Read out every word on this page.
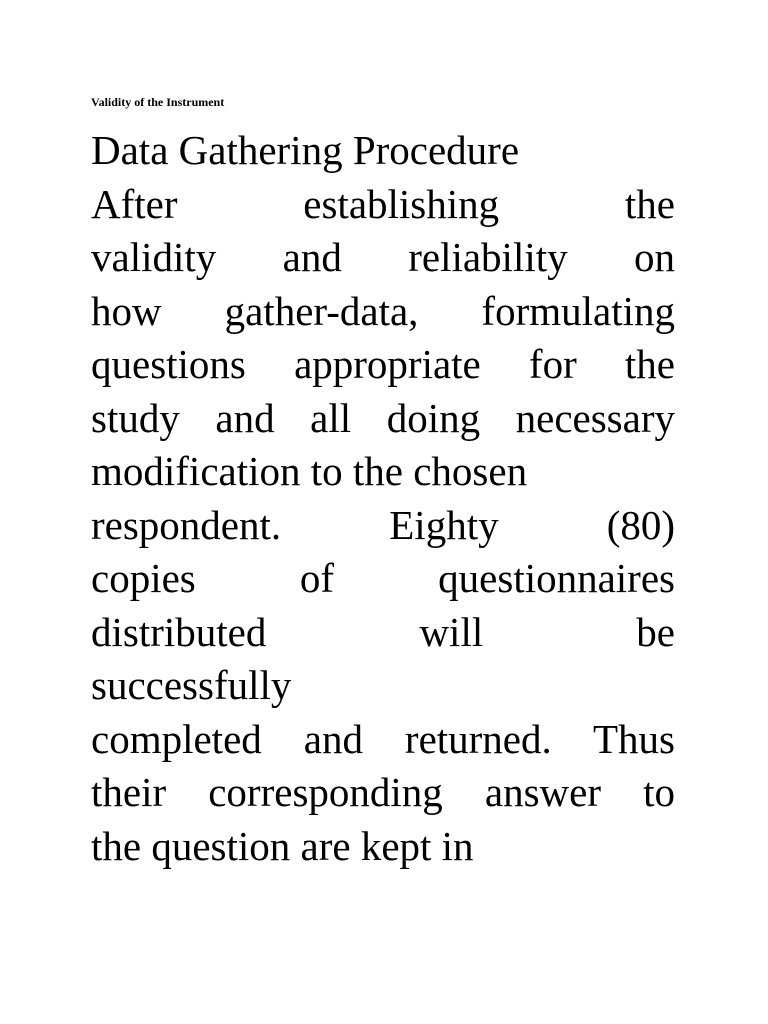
Validity of the Instrument
Data Gathering Procedure
After establishing the
validity and reliability on
how gather-data, formulating
questions appropriate for the
study and all doing necessary
modification to the chosen
respondent. Eighty (80)
copies of questionnaires
distributed will be
successfully
completed and returned. Thus
their corresponding answer to
the question are kept in
